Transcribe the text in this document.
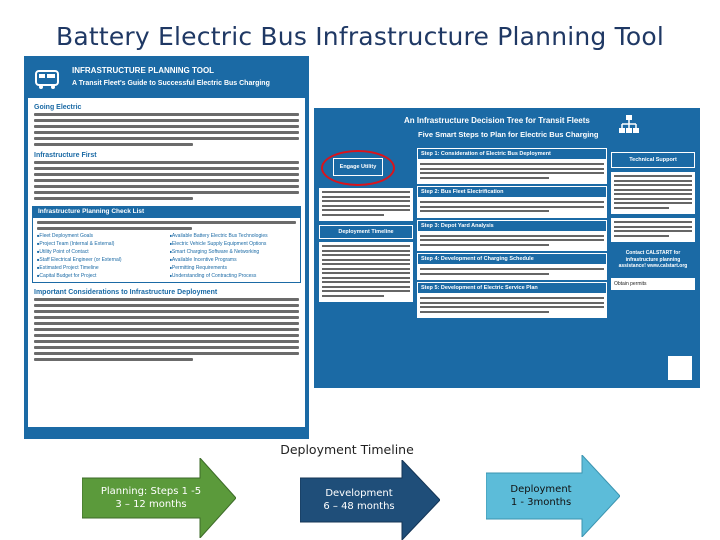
Battery Electric Bus Infrastructure Planning Tool
INFRASTRUCTURE PLANNING TOOL
A Transit Fleet's Guide to Successful Electric Bus Charging
Going Electric
Infrastructure First
Infrastructure Planning Check List
■ Fleet Deployment Goals	■ Available Battery Electric Bus Technologies
■ Project Team (Internal & External)	■ Electric Vehicle Supply Equipment Options
■ Utility Point of Contact	■ Smart Charging Software & Networking
■ Staff Electrical Engineer (or External)	■ Available Incentive Programs
■ Estimated Project Timeline	■ Permitting Requirements
■ Capital Budget for Project	■ Understanding of Contracting Process
Important Considerations to Infrastructure Deployment
An Infrastructure Decision Tree for Transit Fleets
Five Smart Steps to Plan for Electric Bus Charging
Engage Utility
Deployment Timeline
Step 1: Consideration of Electric Bus Deployment
Step 2: Bus Fleet Electrification
Step 3: Depot Yard Analysis
Step 4: Development of Charging Schedule
Step 5: Development of Electric Service Plan
Technical Support
Contact CALSTART for infrastructure planning assistance! www.calstart.org
Obtain permits
Deployment Timeline
Planning: Steps 1 -5
3 – 12 months
Development
6 – 48 months
Deployment
1 - 3months
